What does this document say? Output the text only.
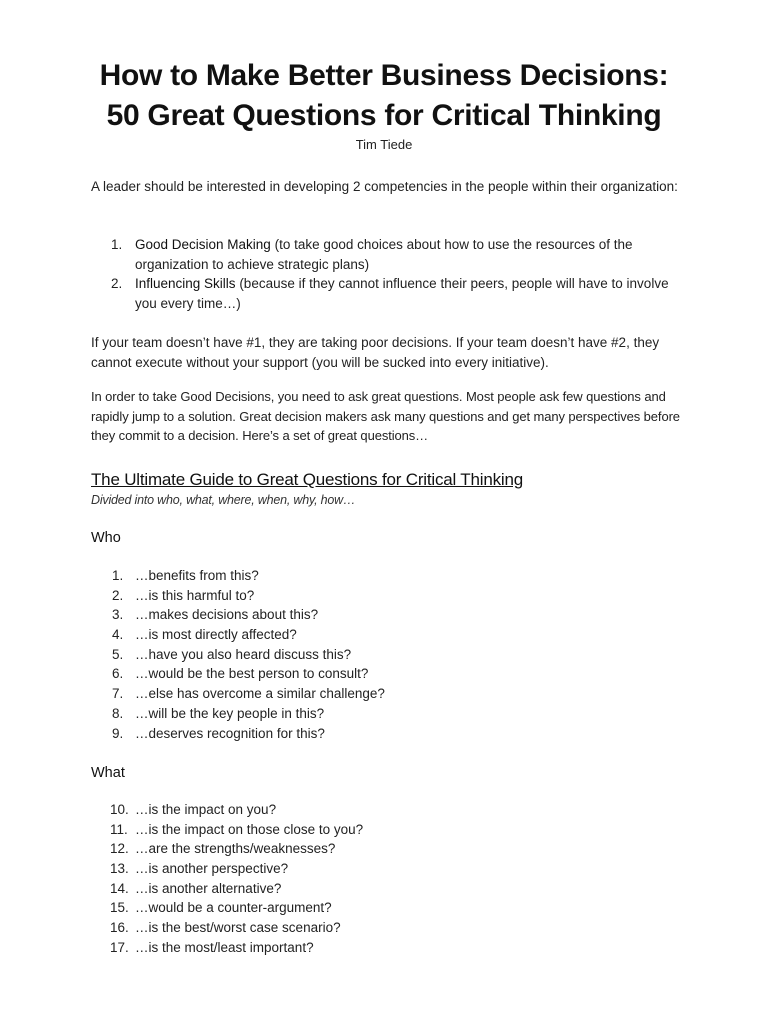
How to Make Better Business Decisions:
50 Great Questions for Critical Thinking
Tim Tiede
A leader should be interested in developing 2 competencies in the people within their organization:
1. Good Decision Making (to take good choices about how to use the resources of the organization to achieve strategic plans)
2. Influencing Skills (because if they cannot influence their peers, people will have to involve you every time…)
If your team doesn’t have #1, they are taking poor decisions. If your team doesn’t have #2, they cannot execute without your support (you will be sucked into every initiative).
In order to take Good Decisions, you need to ask great questions. Most people ask few questions and rapidly jump to a solution. Great decision makers ask many questions and get many perspectives before they commit to a decision. Here’s a set of great questions…
The Ultimate Guide to Great Questions for Critical Thinking
Divided into who, what, where, when, why, how…
Who
1. …benefits from this?
2. …is this harmful to?
3. …makes decisions about this?
4. …is most directly affected?
5. …have you also heard discuss this?
6. …would be the best person to consult?
7. …else has overcome a similar challenge?
8. …will be the key people in this?
9. …deserves recognition for this?
What
10. …is the impact on you?
11. …is the impact on those close to you?
12. …are the strengths/weaknesses?
13. …is another perspective?
14. …is another alternative?
15. …would be a counter-argument?
16. …is the best/worst case scenario?
17. …is the most/least important?
